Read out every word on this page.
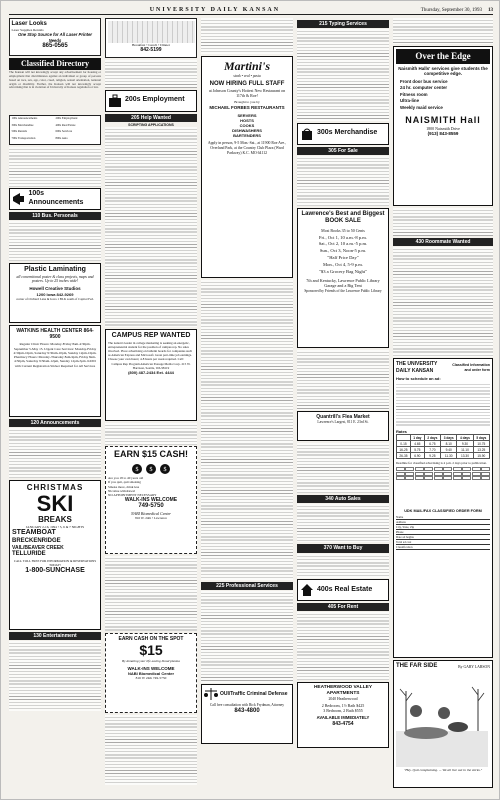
UNIVERSITY DAILY KANSAN	Thursday, September 30, 1993 13
Laser Looks
Laser Supplies Rentals
One Stop Source for All Laser Printer Needs
865-0565
Classified Directory
The Kansan will not knowingly accept any advertisement for housing or employment that discriminates against an individual or group of persons based on race, sex, age, color, creed, religion, sexual orientation, national origin or disability. Further, the Kansan will not knowingly accept advertising that is in violation of University of Kansas regulation or law.
100s Announcements	200s Employment
300s Merchandise	400s Real Estate
500s Rentals	600s Services
700s Transportation	800s Auto
100s Announcements
110 Bus. Personals
Plastic Laminating
all conventional poster & class projects, maps and posters. Up to 25 inches wide!
Howell Creative Studios
1200 Iowa 842-9269
corner of Orchard Lane & Iowa 1 BLK south of Capitol Fed.
WATKINS HEALTH CENTER 864-9500
Regular Clinic Hours: Monday-Friday 8am-4:30pm. September 5-May 15. Urgent Care Services: Monday-Friday 4:30pm-10pm, Saturday 9:30am-10pm, Sunday 12pm-10pm. Pharmacy Hours: Monday-Thursday 8am-9pm, Friday 8am-4:30pm, Saturday 9:30am-12pm, Sunday 12pm-5pm. KUID with Current Registration Sticker Required for All Services
120 Announcements
CHRISTMAS
SKI
BREAKS
JANUARY 2-16, 1994 • 5, 6 & 7 NIGHTS
STEAMBOAT
BRECKENRIDGE
VAIL/BEAVER CREEK
TELLURIDE
CALL TOLL FREE FOR INFORMATION & RESERVATIONS TODAY!
1-800-SUNCHASE
130 Entertainment
Breakfast • Lunch • Dinner
842-5199
200s Employment
205 Help Wanted
SCRIPTING APPLICATIONS
CAMPUS REP WANTED
The nation's leader in college marketing is seeking an energetic, entrepreneurial student for the position of campus rep. No sales involved. Place advertising on bulletin boards for companies such as American Express and Microsoft. Great part-time job earnings. Choose your own hours; 4-8 hours per week required. Call:
Campus Rep Program American Passage Media Corp. 215 W. Harrison, Seattle, WA 98119
(800) 487-2434 Ext. 4444
EARN $15 CASH!
$ $ $
Are you 18 to 40 years old
If you quit, quit smoking
Smoke more, drink less
Nicotine withdrawal
NO APPOINTMENT NECESSARY
WALK-INS WELCOME
749-5750
NABI Biomedical Center
816 W. 24th • Lawrence
EARN CASH ON THE SPOT
$15
By donating your life-saving blood plasma
WALK-INS WELCOME
NABI Biomedical Center
816 W 24th 749-5750
Martini's
steak • veal • pasta
NOW HIRING FULL STAFF
at Johnson County's Hottest New Restaurant on 117th & Roe!
Brought to you by
MICHAEL FORBES RESTAURANTS
SERVERS
HOSTS
COOKS
DISHWASHERS
BARTENDERS
Apply in person, 9-5 Mon.-Sat., at 11900 Roe Ave., Overland Park, at the Country Club Plaza (Ward Parkway) K.C. MO 64112
225 Professional Services
OUI/Traffic Criminal Defense
Call free consultation with Rick Frydman, Attorney
843-4800
215 Typing Services
300s Merchandise
305 For Sale
Lawrence's Best and Biggest BOOK SALE
Most Books 35 to 50 Cents
Fri., Oct 1, 10 a.m.-8 p.m.
Sat., Oct 2, 10 a.m.-5 p.m.
Sun., Oct 3, Noon-5 p.m.
"Half Price Day"
Mon., Oct 4, 5-9 p.m.
"$3 a Grocery Bag Night"
7th and Kentucky, Lawrence Public Library Garage and a Big Tent
Sponsored by Friends of the Lawrence Public Library
Quantrill's Flea Market
Lawrence's Largest, 811 E. 23rd St.
340 Auto Sales
370 Want to Buy
400s Real Estate
405 For Rent
HEATHERWOOD VALLEY APARTMENTS
2040 Heatherwood
2 Bedroom, 1½ Bath $425
3 Bedroom, 2 Bath $555
AVAILABLE IMMEDIATELY
843-4754
Over the Edge
Naismith Halls' services give students the competitive edge.
Front door bus service
24 hr. computer center
Fitness room
Ultra-line
Weekly maid service
NAISMITH Hall
1800 Naismith Drive
(913) 843-8559
430 Roommate Wanted
THE UNIVERSITY DAILY KANSAN
Classified Information and order form
How to schedule an ad:
Rates
	1 day	2 days	3 days	4 days	5 days
0-15	4.65	6.75	8.10	9.30	10.75
16-25	5.75	7.70	9.40	11.10	13.25
26-35	6.90	9.25	11.30	13.30	15.90
Deadline for classified advertising is 4 p.m. 2 days prior to publication.
UDK MAIL/FAX CLASSIFIED ORDER FORM
Name
Address
City, State, Zip
Phone
Date ad begins
Total ad cost
Classification
THE FAR SIDE	By GARY LARSON
"Hey. Quit complaining. ... We all live out in the sticks."
